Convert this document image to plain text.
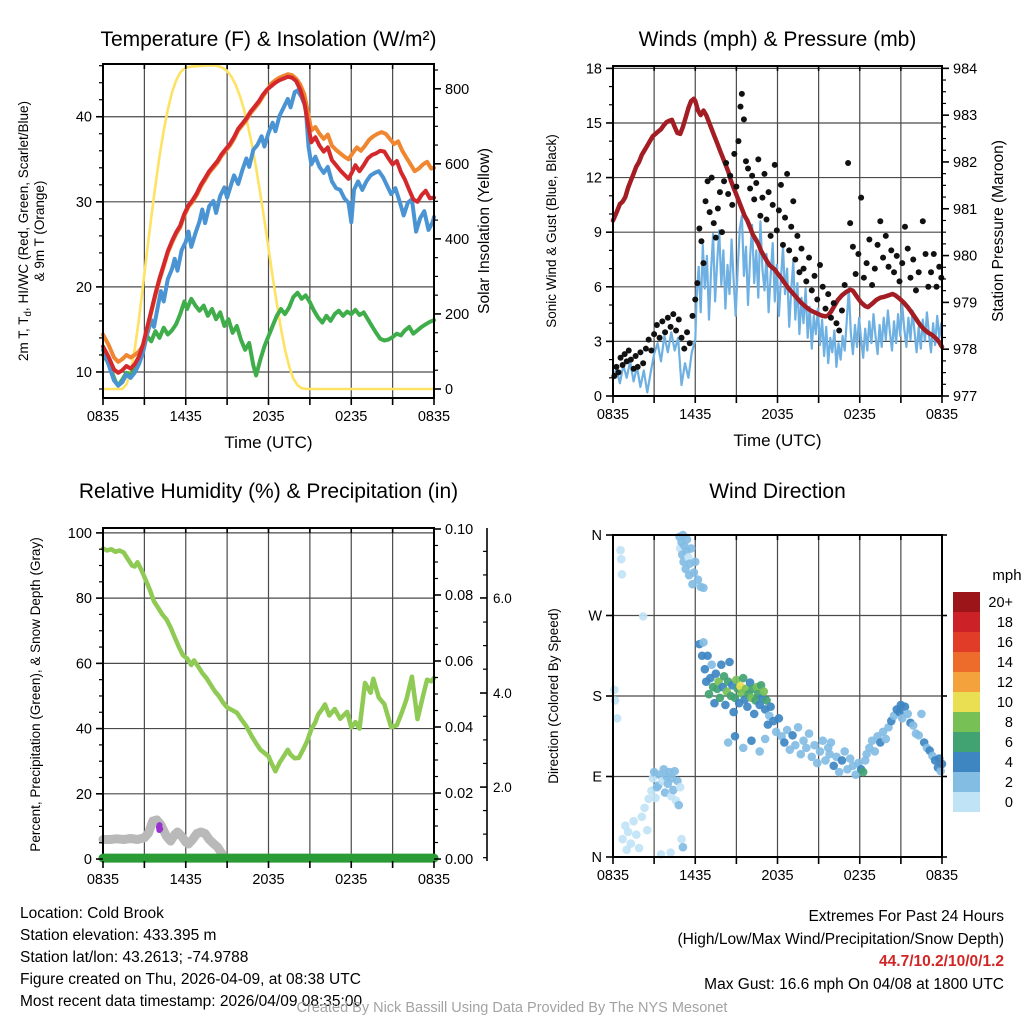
0835	1435	2035	0235	0835
Time (UTC)
10
20
30
40
2m T, $T_d$, HI/WC (Red, Green, Scarlet/Blue) & 9m T (Orange)
0
200
400
600
800
Solar Insolation (Yellow)
Temperature (F) & Insolation (W/m²)
0835	1435	2035	0235	0835
Time (UTC)
0
3
6
9
12
15
18
Sonic Wind & Gust (Blue, Black)
977
978
979
980
981
982
983
984
Station Pressure (Maroon)
Winds (mph) & Pressure (mb)
0835	1435	2035	0235	0835
0
20
40
60
80
100
Percent, Precipitation (Green), & Snow Depth (Gray)
0.00
0.02
0.04
0.06
0.08
0.10
2.0
4.0
6.0
Relative Humidity (%) & Precipitation (in)
0835	1435	2035	0235	0835
N
W
S
E
N
Direction (Colored By Speed)
mph
20+
18
16
14
12
10
8
6
4
2
0
Wind Direction
Location: Cold Brook
Station elevation: 433.395 m
Station lat/lon: 43.2613; -74.9788
Figure created on Thu, 2026-04-09, at 08:38 UTC
Most recent data timestamp: 2026/04/09 08:35:00
Extremes For Past 24 Hours
(High/Low/Max Wind/Precipitation/Snow Depth)
44.7/10.2/10/0/1.2
Max Gust: 16.6 mph On 04/08 at 1800 UTC
Created By Nick Bassill Using Data Provided By The NYS Mesonet
